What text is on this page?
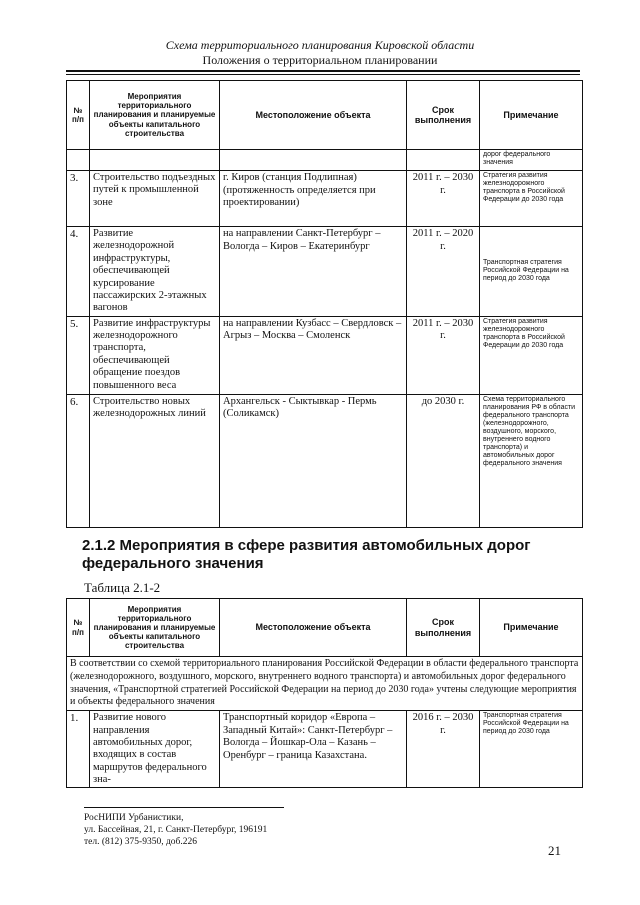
Схема территориального планирования Кировской области
Положения о территориальном планировании
№ п/п	Мероприятия территориального планирования и планируемые объекты капитального строительства	Местоположение объекта	Срок выполнения	Примечание
				дорог федерального значения
3.	Строительство подъездных путей к промышленной зоне	г. Киров (станция Подлипная) (протяженность определяется при проектировании)	2011 г. – 2030 г.	Стратегия развития железнодорожного транспорта в Российской Федерации до 2030 года
4.	Развитие железнодорожной инфраструктуры, обеспечивающей курсирование пассажирских 2-этажных вагонов	на направлении Санкт-Петербург – Вологда – Киров – Екатеринбург	2011 г. – 2020 г.	Транспортная стратегия Российской Федерации на период до 2030 года
5.	Развитие инфраструктуры железнодорожного транспорта, обеспечивающей обращение поездов повышенного веса	на направлении Кузбасс – Свердловск – Агрыз – Москва – Смоленск	2011 г. – 2030 г.	Стратегия развития железнодорожного транспорта в Российской Федерации до 2030 года
6.	Строительство новых железнодорожных линий	Архангельск - Сыктывкар - Пермь (Соликамск)	до 2030 г.	Схема территориального планирования РФ в области федерального транспорта (железнодорожного, воздушного, морского, внутреннего водного транспорта) и автомобильных дорог федерального значения
2.1.2 Мероприятия в сфере развития автомобильных дорог федерального значения
Таблица 2.1-2
№ п/п	Мероприятия территориального планирования и планируемые объекты капитального строительства	Местоположение объекта	Срок выполнения	Примечание
В соответствии со схемой территориального планирования Российской Федерации в области федерального транспорта (железнодорожного, воздушного, морского, внутреннего водного транспорта) и автомобильных дорог федерального значения, «Транспортной стратегией Российской Федерации на период до 2030 года» учтены следующие мероприятия и объекты федерального значения				
1.	Развитие нового направления автомобильных дорог, входящих в состав маршрутов федерального зна-	Транспортный коридор «Европа – Западный Китай»: Санкт-Петербург – Вологда – Йошкар-Ола – Казань – Оренбург – граница Казахстана.	2016 г. – 2030 г.	Транспортная стратегия Российской Федерации на период до 2030 года
РосНИПИ Урбанистики,
ул. Бассейная, 21, г. Санкт-Петербург, 196191
тел. (812) 375-9350, доб.226
21
